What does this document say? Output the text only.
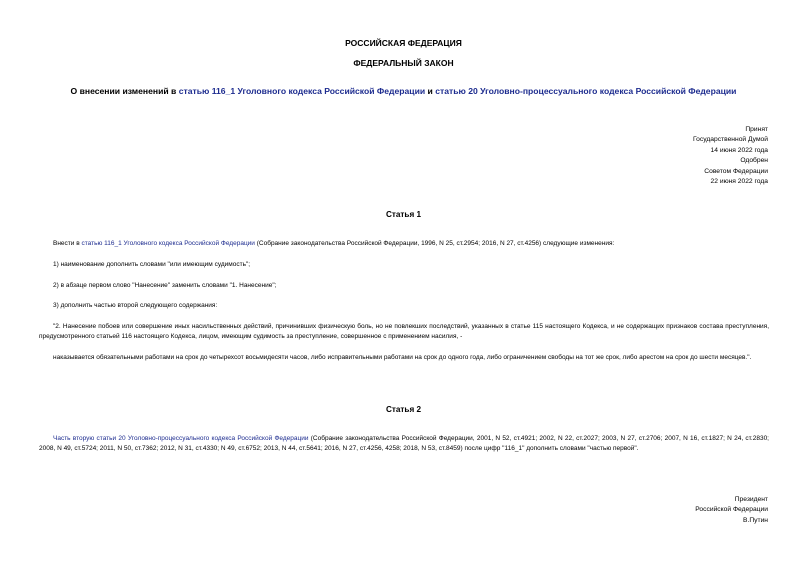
РОССИЙСКАЯ ФЕДЕРАЦИЯ
ФЕДЕРАЛЬНЫЙ ЗАКОН
О внесении изменений в статью 116_1 Уголовного кодекса Российской Федерации и статью 20 Уголовно-процессуального кодекса Российской Федерации
Принят
Государственной Думой
14 июня 2022 года
Одобрен
Советом Федерации
22 июня 2022 года
Статья 1
Внести в статью 116_1 Уголовного кодекса Российской Федерации (Собрание законодательства Российской Федерации, 1996, N 25, ст.2954; 2016, N 27, ст.4256) следующие изменения:
1) наименование дополнить словами "или имеющим судимость";
2) в абзаце первом слово "Нанесение" заменить словами "1. Нанесение";
3) дополнить частью второй следующего содержания:
"2. Нанесение побоев или совершение иных насильственных действий, причинивших физическую боль, но не повлекших последствий, указанных в статье 115 настоящего Кодекса, и не содержащих признаков состава преступления, предусмотренного статьей 116 настоящего Кодекса, лицом, имеющим судимость за преступление, совершенное с применением насилия, -
наказывается обязательными работами на срок до четырехсот восьмидесяти часов, либо исправительными работами на срок до одного года, либо ограничением свободы на тот же срок, либо арестом на срок до шести месяцев.".
Статья 2
Часть вторую статьи 20 Уголовно-процессуального кодекса Российской Федерации (Собрание законодательства Российской Федерации, 2001, N 52, ст.4921; 2002, N 22, ст.2027; 2003, N 27, ст.2706; 2007, N 16, ст.1827; N 24, ст.2830; 2008, N 49, ст.5724; 2011, N 50, ст.7362; 2012, N 31, ст.4330; N 49, ст.6752; 2013, N 44, ст.5641; 2016, N 27, ст.4256, 4258; 2018, N 53, ст.8459) после цифр "116_1" дополнить словами "частью первой".
Президент
Российской Федерации
В.Путин
